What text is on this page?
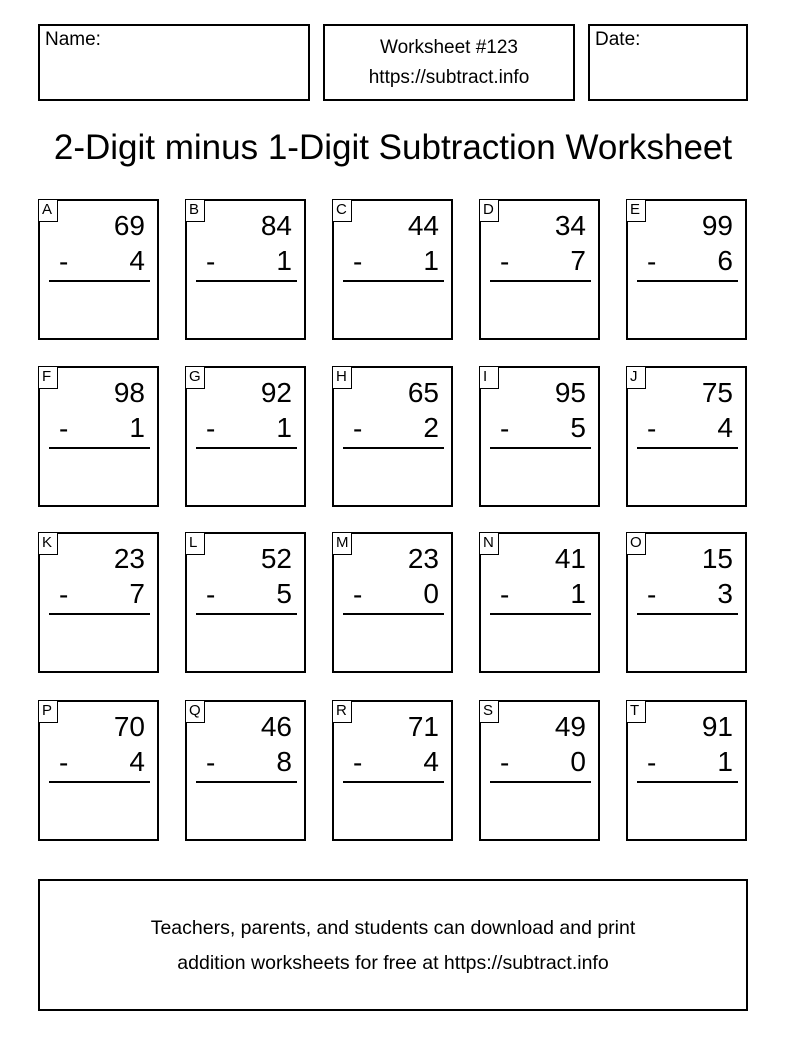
Name:	Worksheet #123
https://subtract.info
Date:
2-Digit minus 1-Digit Subtraction Worksheet
A
69
- 4
B
84
- 1
C
44
- 1
D
34
- 7
E
99
- 6
F
98
- 1
G
92
- 1
H
65
- 2
I
95
- 5
J
75
- 4
K
23
- 7
L
52
- 5
M
23
- 0
N
41
- 1
O
15
- 3
P
70
- 4
Q
46
- 8
R
71
- 4
S
49
- 0
T
91
- 1
Teachers, parents, and students can download and print
addition worksheets for free at https://subtract.info
